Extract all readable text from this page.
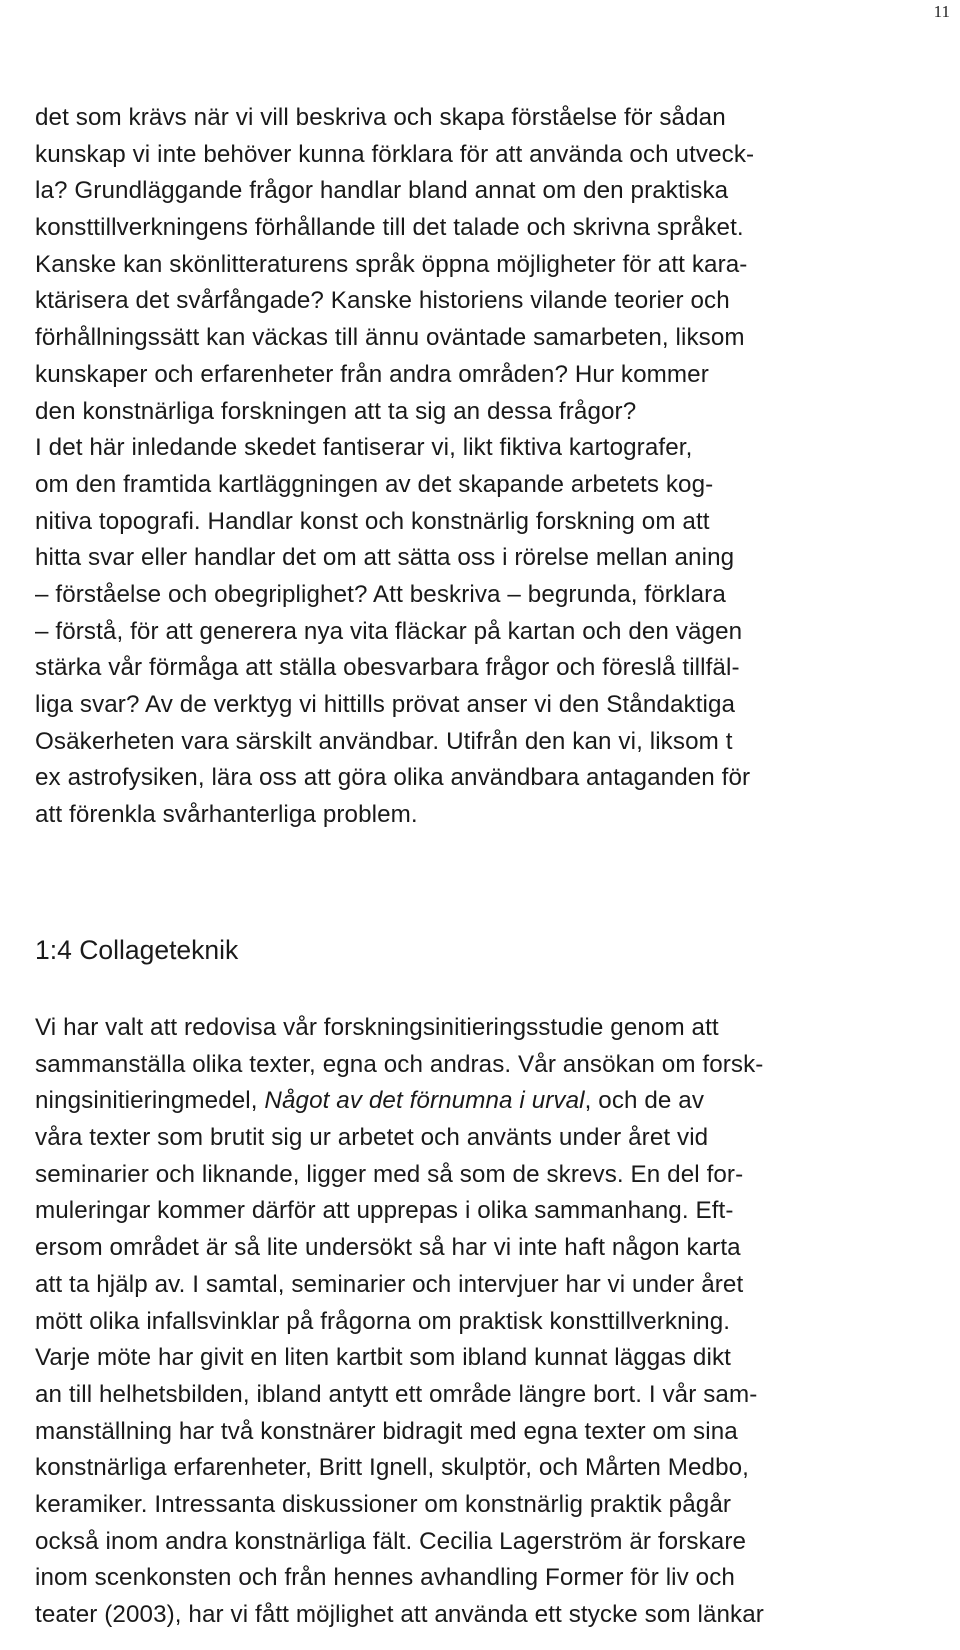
11
det som krävs när vi vill beskriva och skapa förståelse för sådan
kunskap vi inte behöver kunna förklara för att använda och utveck-
la? Grundläggande frågor handlar bland annat om den praktiska
konsttillverkningens förhållande till det talade och skrivna språket.
Kanske kan skönlitteraturens språk öppna möjligheter för att kara-
ktärisera det svårfångade? Kanske historiens vilande teorier och
förhållningssätt kan väckas till ännu oväntade samarbeten, liksom
kunskaper och erfarenheter från andra områden? Hur kommer
den konstnärliga forskningen att ta sig an dessa frågor?
I det här inledande skedet fantiserar vi, likt fiktiva kartografer,
om den framtida kartläggningen av det skapande arbetets kog-
nitiva topografi. Handlar konst och konstnärlig forskning om att
hitta svar eller handlar det om att sätta oss i rörelse mellan aning
– förståelse och obegriplighet? Att beskriva – begrunda, förklara
– förstå, för att generera nya vita fläckar på kartan och den vägen
stärka vår förmåga att ställa obesvarbara frågor och föreslå tillfäl-
liga svar? Av de verktyg vi hittills prövat anser vi den Ståndaktiga
Osäkerheten vara särskilt användbar. Utifrån den kan vi, liksom t
ex astrofysiken, lära oss att göra olika användbara antaganden för
att förenkla svårhanterliga problem.
1:4 Collageteknik
Vi har valt att redovisa vår forskningsinitieringsstudie genom att
sammanställa olika texter, egna och andras. Vår ansökan om forsk-
ningsinitieringmedel, Något av det förnumna i urval, och de av
våra texter som brutit sig ur arbetet och använts under året vid
seminarier och liknande, ligger med så som de skrevs. En del for-
muleringar kommer därför att upprepas i olika sammanhang. Eft-
ersom området är så lite undersökt så har vi inte haft någon karta
att ta hjälp av. I samtal, seminarier och intervjuer har vi under året
mött olika infallsvinklar på frågorna om praktisk konsttillverkning.
Varje möte har givit en liten kartbit som ibland kunnat läggas dikt
an till helhetsbilden, ibland antytt ett område längre bort. I vår sam-
manställning har två konstnärer bidragit med egna texter om sina
konstnärliga erfarenheter, Britt Ignell, skulptör, och Mårten Medbo,
keramiker. Intressanta diskussioner om konstnärlig praktik pågår
också inom andra konstnärliga fält. Cecilia Lagerström är forskare
inom scenkonsten och från hennes avhandling Former för liv och
teater (2003), har vi fått möjlighet att använda ett stycke som länkar
